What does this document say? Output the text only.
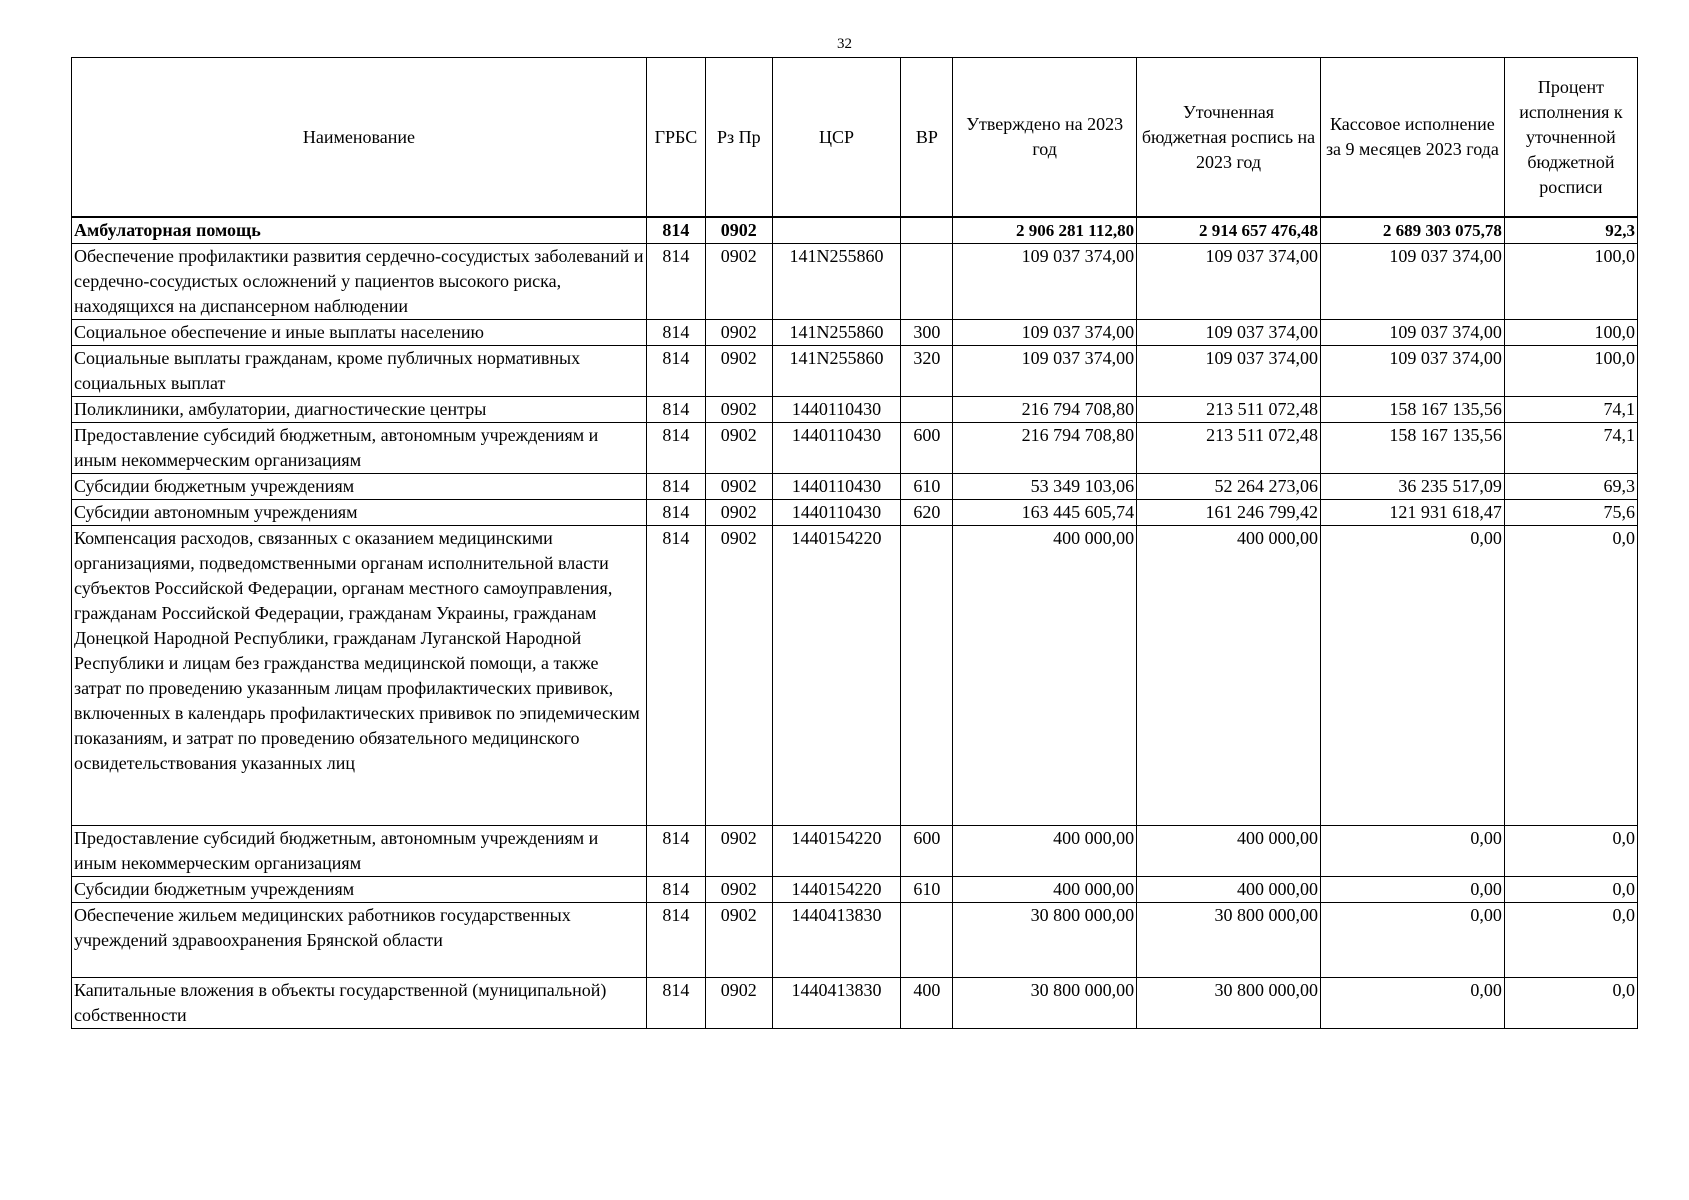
32
Наименование	ГРБС	Рз Пр	ЦСР	ВР	Утверждено на 2023 год	Уточненная бюджетная роспись на 2023 год	Кассовое исполнение за 9 месяцев 2023 года	Процент исполнения к уточненной бюджетной росписи
Амбулаторная помощь	814	0902			2 906 281 112,80	2 914 657 476,48	2 689 303 075,78	92,3
Обеспечение профилактики развития сердечно-сосудистых заболеваний и сердечно-сосудистых осложнений у пациентов высокого риска, находящихся на диспансерном наблюдении	814	0902	141N255860		109 037 374,00	109 037 374,00	109 037 374,00	100,0
Социальное обеспечение и иные выплаты населению	814	0902	141N255860	300	109 037 374,00	109 037 374,00	109 037 374,00	100,0
Социальные выплаты гражданам, кроме публичных нормативных социальных выплат	814	0902	141N255860	320	109 037 374,00	109 037 374,00	109 037 374,00	100,0
Поликлиники, амбулатории, диагностические центры	814	0902	1440110430		216 794 708,80	213 511 072,48	158 167 135,56	74,1
Предоставление субсидий бюджетным, автономным учреждениям и иным некоммерческим организациям	814	0902	1440110430	600	216 794 708,80	213 511 072,48	158 167 135,56	74,1
Субсидии бюджетным учреждениям	814	0902	1440110430	610	53 349 103,06	52 264 273,06	36 235 517,09	69,3
Субсидии автономным учреждениям	814	0902	1440110430	620	163 445 605,74	161 246 799,42	121 931 618,47	75,6
Компенсация расходов, связанных с оказанием медицинскими организациями, подведомственными органам исполнительной власти субъектов Российской Федерации, органам местного самоуправления, гражданам Российской Федерации, гражданам Украины, гражданам Донецкой Народной Республики, гражданам Луганской Народной Республики и лицам без гражданства медицинской помощи, а также затрат по проведению указанным лицам профилактических прививок, включенных в календарь профилактических прививок по эпидемическим показаниям, и затрат по проведению обязательного медицинского освидетельствования указанных лиц	814	0902	1440154220		400 000,00	400 000,00	0,00	0,0
Предоставление субсидий бюджетным, автономным учреждениям и иным некоммерческим организациям	814	0902	1440154220	600	400 000,00	400 000,00	0,00	0,0
Субсидии бюджетным учреждениям	814	0902	1440154220	610	400 000,00	400 000,00	0,00	0,0
Обеспечение жильем медицинских работников государственных учреждений здравоохранения Брянской области	814	0902	1440413830		30 800 000,00	30 800 000,00	0,00	0,0
Капитальные вложения в объекты государственной (муниципальной) собственности	814	0902	1440413830	400	30 800 000,00	30 800 000,00	0,00	0,0
